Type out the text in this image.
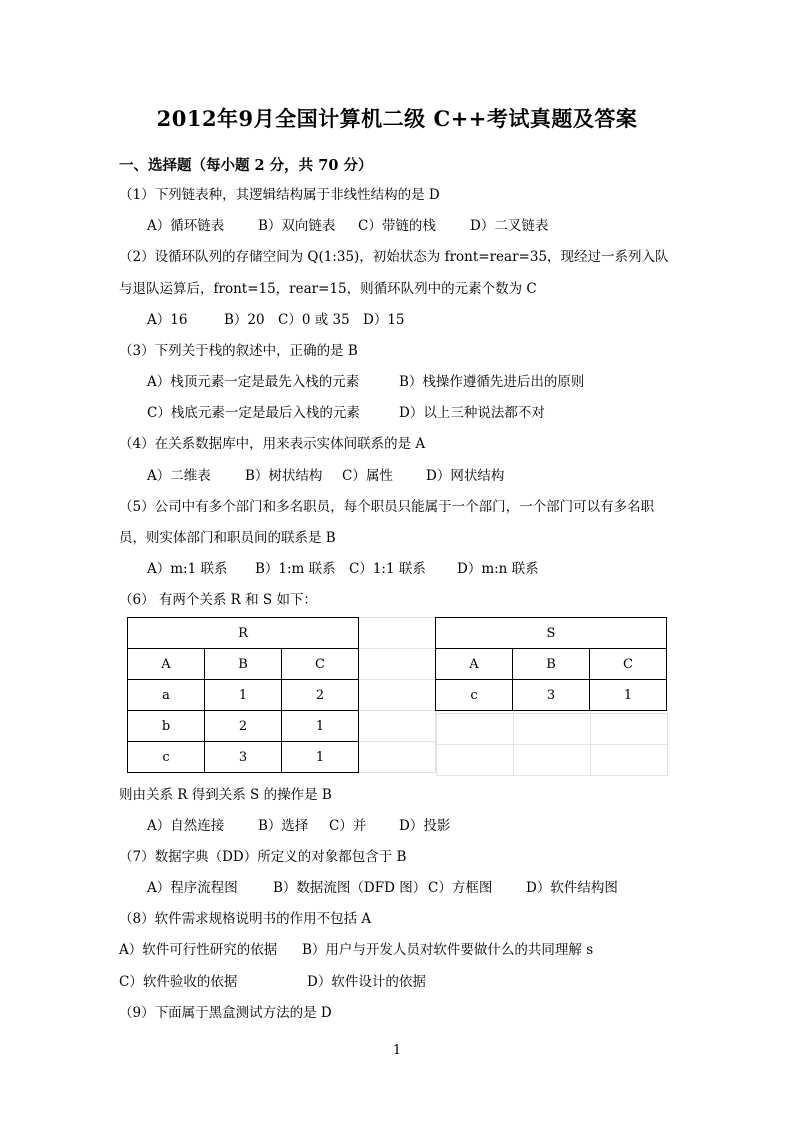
2012年9月全国计算机二级 C++考试真题及答案
一、选择题（每小题 2 分，共 70 分）
（1）下列链表种，其逻辑结构属于非线性结构的是 D
A）循环链表	B）双向链表 C）带链的栈	D）二叉链表
（2）设循环队列的存储空间为 Q(1:35)，初始状态为 front=rear=35，现经过一系列入队
与退队运算后，front=15，rear=15，则循环队列中的元素个数为 C
A）16	B）20 C）0 或 35 D）15
（3）下列关于栈的叙述中，正确的是 B
A）栈顶元素一定是最先入栈的元素	B）栈操作遵循先进后出的原则
C）栈底元素一定是最后入栈的元素	D）以上三种说法都不对
（4）在关系数据库中，用来表示实体间联系的是 A
A）二维表	B）树状结构 C）属性 D）网状结构
（5）公司中有多个部门和多名职员，每个职员只能属于一个部门，一个部门可以有多名职
员，则实体部门和职员间的联系是 B
A）m:1 联系 B）1:m 联系 C）1:1 联系 D）m:n 联系
（6） 有两个关系 R 和 S 如下：

R		
A	B	C
a	1	2
b	2	1
c	3	1
S		
A	B	C
c	3	1
则由关系 R 得到关系 S 的操作是 B
A）自然连接	B）选择 C）并 D）投影
（7）数据字典（DD）所定义的对象都包含于 B
A）程序流程图	B）数据流图（DFD 图） C）方框图 D）软件结构图
（8）软件需求规格说明书的作用不包括 A
A）软件可行性研究的依据 B）用户与开发人员对软件要做什么的共同理解 s
C）软件验收的依据	D）软件设计的依据
（9）下面属于黑盒测试方法的是 D
1
